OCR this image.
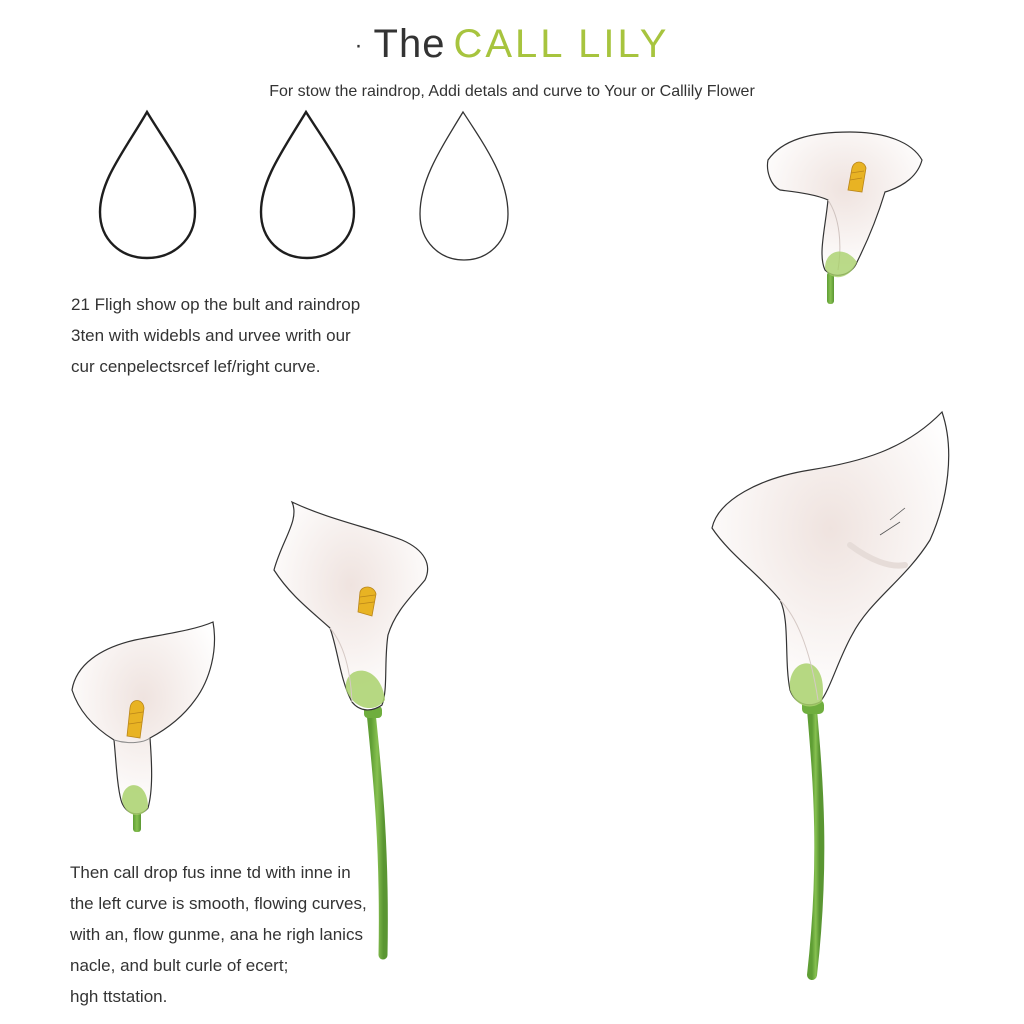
· The CALL LILY
For stow the raindrop, Addi detals and curve to Your or Callily Flower

21 Fligh show op the bult and raindrop

3ten with widebls and urvee writh our

cur cenpelectsrcef lef/right curve.

Then call drop fus inne td with inne in

the left curve is smooth, flowing curves,

with an, flow gunme, ana he righ lanics

nacle, and bult curle of ecert;

hgh ttstation.
